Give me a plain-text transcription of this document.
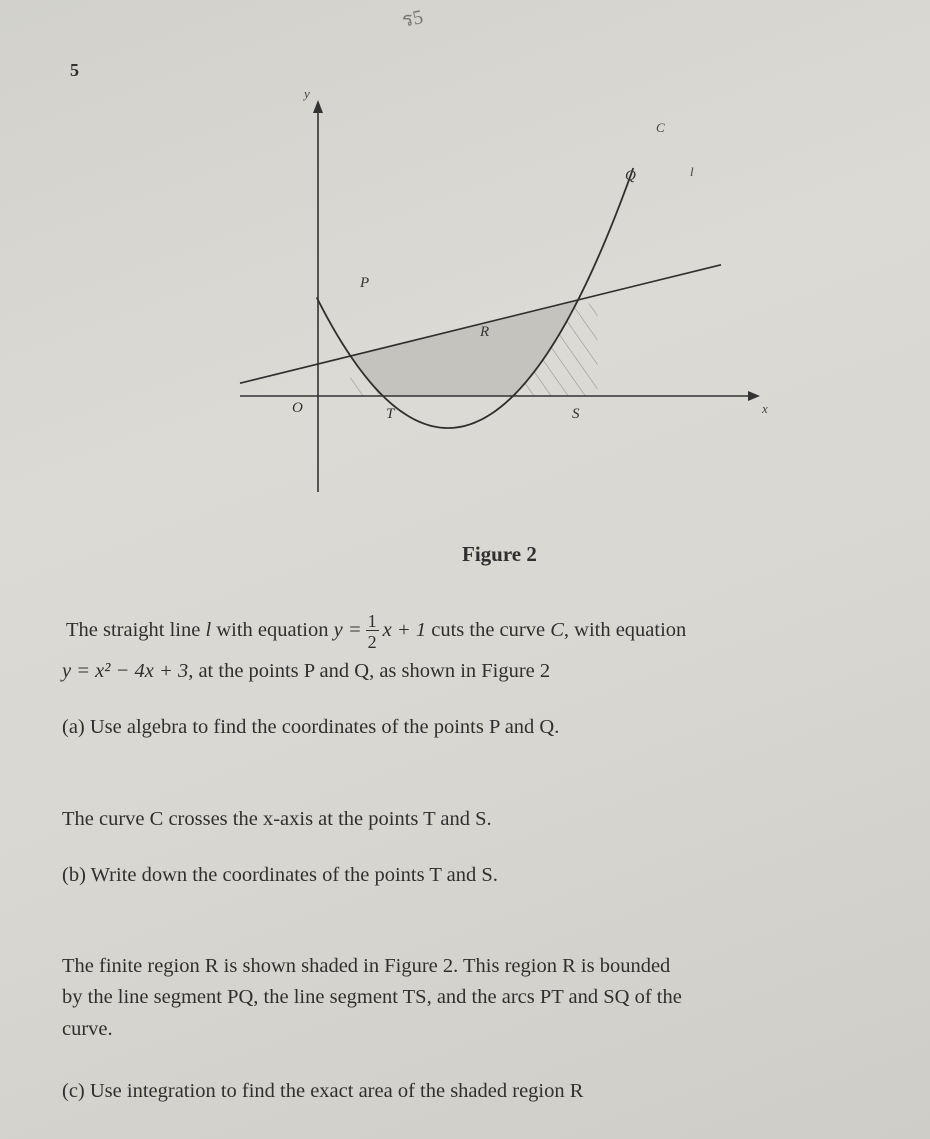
ร5
5
y
x
O
C
l
P
Q
R
T	S
Figure 2
The straight line l with equation $y = \frac{1}{2}$ x + 1 cuts the curve C, with equation
y = x² − 4x + 3, at the points P and Q, as shown in Figure 2
(a) Use algebra to find the coordinates of the points P and Q.
The curve C crosses the x-axis at the points T and S.
(b) Write down the coordinates of the points T and S.
The finite region R is shown shaded in Figure 2. This region R is bounded
by the line segment PQ, the line segment TS, and the arcs PT and SQ of the
curve.
(c) Use integration to find the exact area of the shaded region R
